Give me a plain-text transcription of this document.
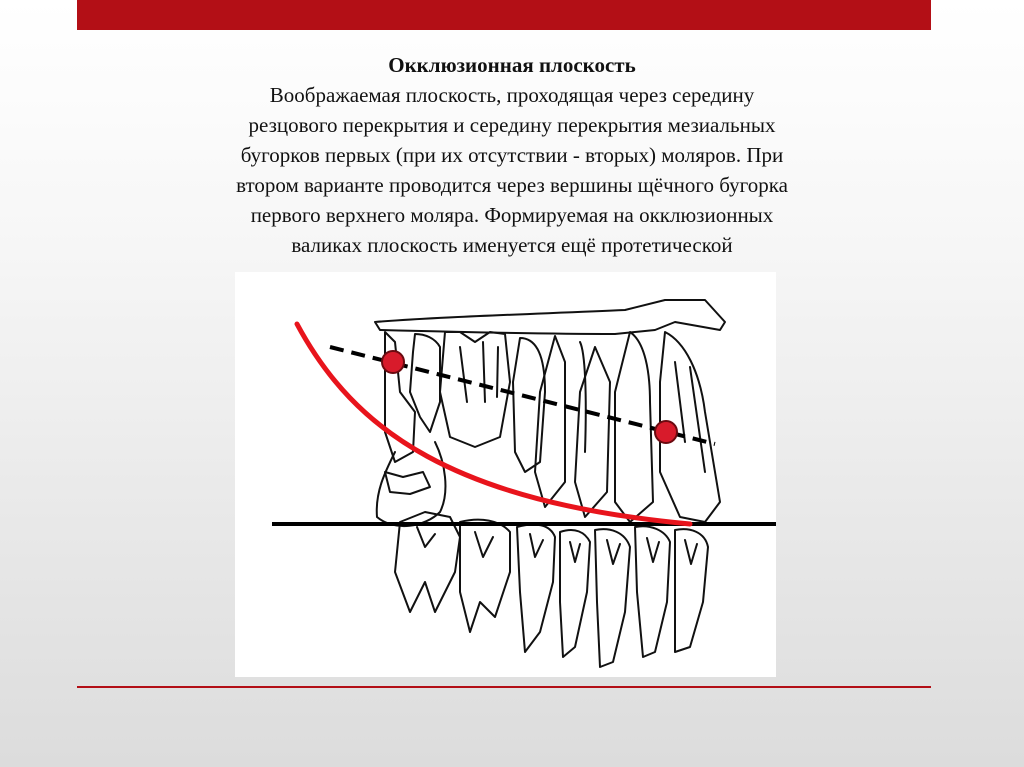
Окклюзионная плоскость
Воображаемая плоскость, проходящая через середину
резцового перекрытия и середину перекрытия мезиальных
бугорков первых (при их отсутствии - вторых) моляров. При
втором варианте проводится через вершины щёчного бугорка
первого верхнего моляра. Формируемая на окклюзионных
валиках плоскость именуется ещё протетической
